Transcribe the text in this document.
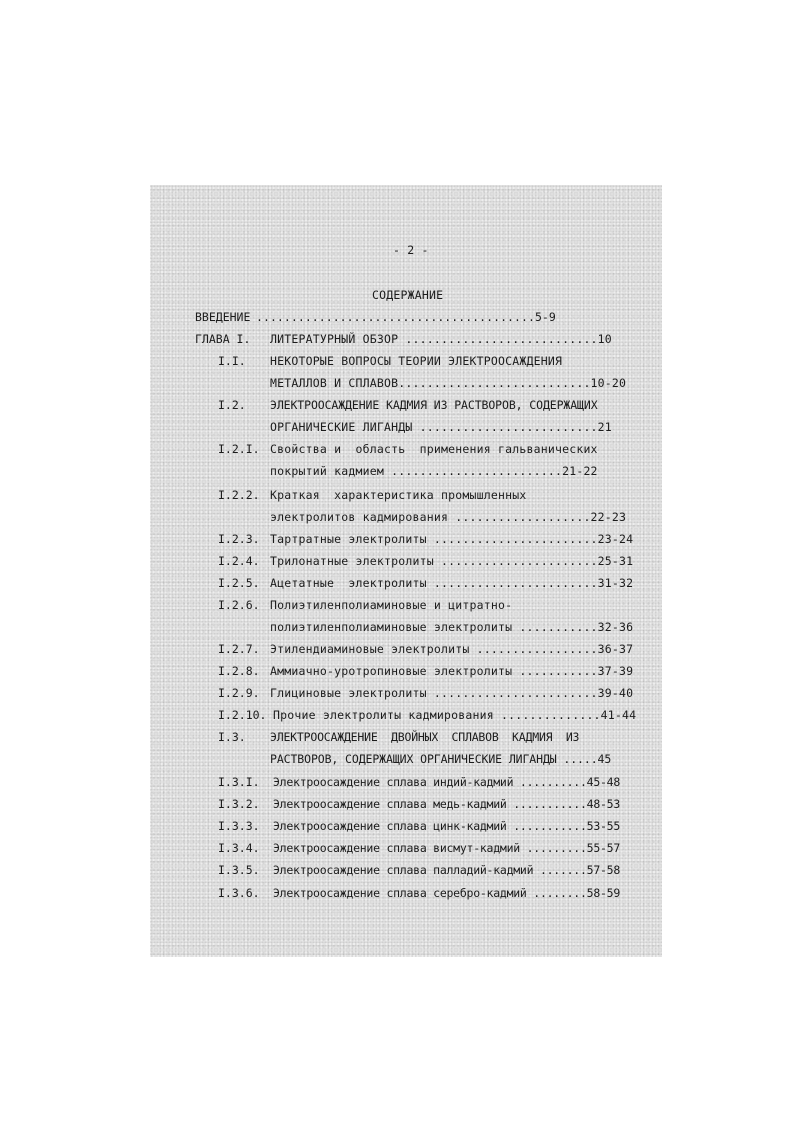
- 2 -
СОДЕРЖАНИЕ
ВВЕДЕНИЕ ........................................5-9
ГЛАВА I. ЛИТЕРАТУРНЫЙ ОБЗОР ...........................10
I.I. НЕКОТОРЫЕ ВОПРОСЫ ТЕОРИИ ЭЛЕКТРООСАЖДЕНИЯ
МЕТАЛЛОВ И СПЛАВОВ...........................10-20
I.2. ЭЛЕКТРООСАЖДЕНИЕ КАДМИЯ ИЗ РАСТВОРОВ, СОДЕРЖАЩИХ
ОРГАНИЧЕСКИЕ ЛИГАНДЫ .........................21
I.2.I. Свойства и  область  применения гальванических
покрытий кадмием ........................21-22
I.2.2. Краткая  характеристика промышленных
электролитов кадмирования ...................22-23
I.2.3. Тартратные электролиты .......................23-24
I.2.4. Трилонатные электролиты ......................25-31
I.2.5. Ацетатные  электролиты .......................31-32
I.2.6. Полиэтиленполиаминовые и цитратно-
полиэтиленполиаминовые электролиты ...........32-36
I.2.7. Этилендиаминовые электролиты .................36-37
I.2.8. Аммиачно-уротропиновые электролиты ...........37-39
I.2.9. Глициновые электролиты .......................39-40
I.2.10. Прочие электролиты кадмирования ..............41-44
I.3. ЭЛЕКТРООСАЖДЕНИЕ  ДВОЙНЫХ  СПЛАВОВ  КАДМИЯ  ИЗ
РАСТВОРОВ, СОДЕРЖАЩИХ ОРГАНИЧЕСКИЕ ЛИГАНДЫ .....45
I.3.I. Электроосаждение сплава индий-кадмий ..........45-48
I.3.2. Электроосаждение сплава медь-кадмий ...........48-53
I.3.3. Электроосаждение сплава цинк-кадмий ...........53-55
I.3.4. Электроосаждение сплава висмут-кадмий .........55-57
I.3.5. Электроосаждение сплава палладий-кадмий .......57-58
I.3.6. Электроосаждение сплава серебро-кадмий ........58-59
